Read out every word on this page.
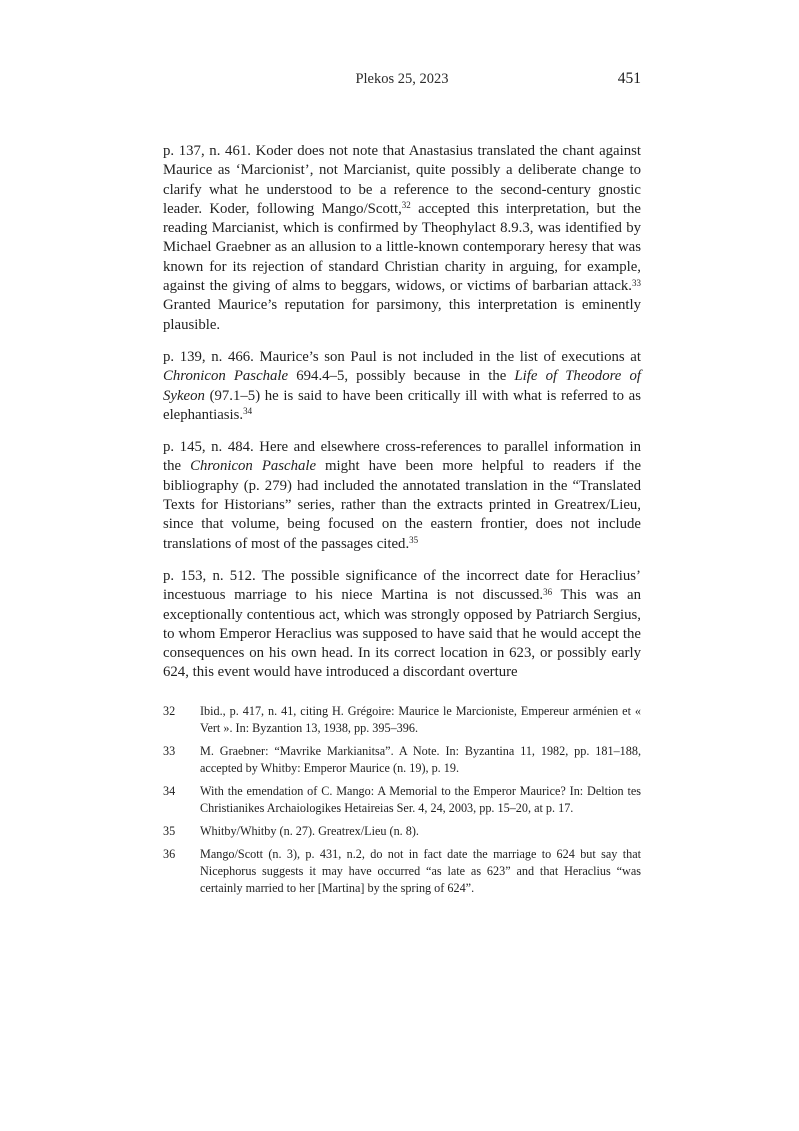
Plekos 25, 2023	451

p. 137, n. 461. Koder does not note that Anastasius translated the chant against Maurice as ‘Marcionist’, not Marcianist, quite possibly a deliberate change to clarify what he understood to be a reference to the second-century gnostic leader. Koder, following Mango/Scott,$^{32}$ accepted this interpretation, but the reading Marcianist, which is confirmed by Theophylact 8.9.3, was identified by Michael Graebner as an allusion to a little-known contemporary heresy that was known for its rejection of standard Christian charity in arguing, for example, against the giving of alms to beggars, widows, or victims of barbarian attack.$^{33}$ Granted Maurice’s reputation for parsimony, this interpretation is eminently plausible.

p. 139, n. 466. Maurice’s son Paul is not included in the list of executions at Chronicon Paschale 694.4–5, possibly because in the Life of Theodore of Sykeon (97.1–5) he is said to have been critically ill with what is referred to as elephantiasis.$^{34}$

p. 145, n. 484. Here and elsewhere cross-references to parallel information in the Chronicon Paschale might have been more helpful to readers if the bibliography (p. 279) had included the annotated translation in the “Translated Texts for Historians” series, rather than the extracts printed in Greatrex/Lieu, since that volume, being focused on the eastern frontier, does not include translations of most of the passages cited.$^{35}$

p. 153, n. 512. The possible significance of the incorrect date for Heraclius’ incestuous marriage to his niece Martina is not discussed.$^{36}$ This was an exceptionally contentious act, which was strongly opposed by Patriarch Sergius, to whom Emperor Heraclius was supposed to have said that he would accept the consequences on his own head. In its correct location in 623, or possibly early 624, this event would have introduced a discordant overture

32	Ibid., p. 417, n. 41, citing H. Grégoire: Maurice le Marcioniste, Empereur arménien et « Vert ». In: Byzantion 13, 1938, pp. 395–396.
33	M. Graebner: “Mavrike Markianitsa”. A Note. In: Byzantina 11, 1982, pp. 181–188, accepted by Whitby: Emperor Maurice (n. 19), p. 19.
34	With the emendation of C. Mango: A Memorial to the Emperor Maurice? In: Deltion tes Christianikes Archaiologikes Hetaireias Ser. 4, 24, 2003, pp. 15–20, at p. 17.
35	Whitby/Whitby (n. 27). Greatrex/Lieu (n. 8).
36	Mango/Scott (n. 3), p. 431, n.2, do not in fact date the marriage to 624 but say that Nicephorus suggests it may have occurred “as late as 623” and that Heraclius “was certainly married to her [Martina] by the spring of 624”.
